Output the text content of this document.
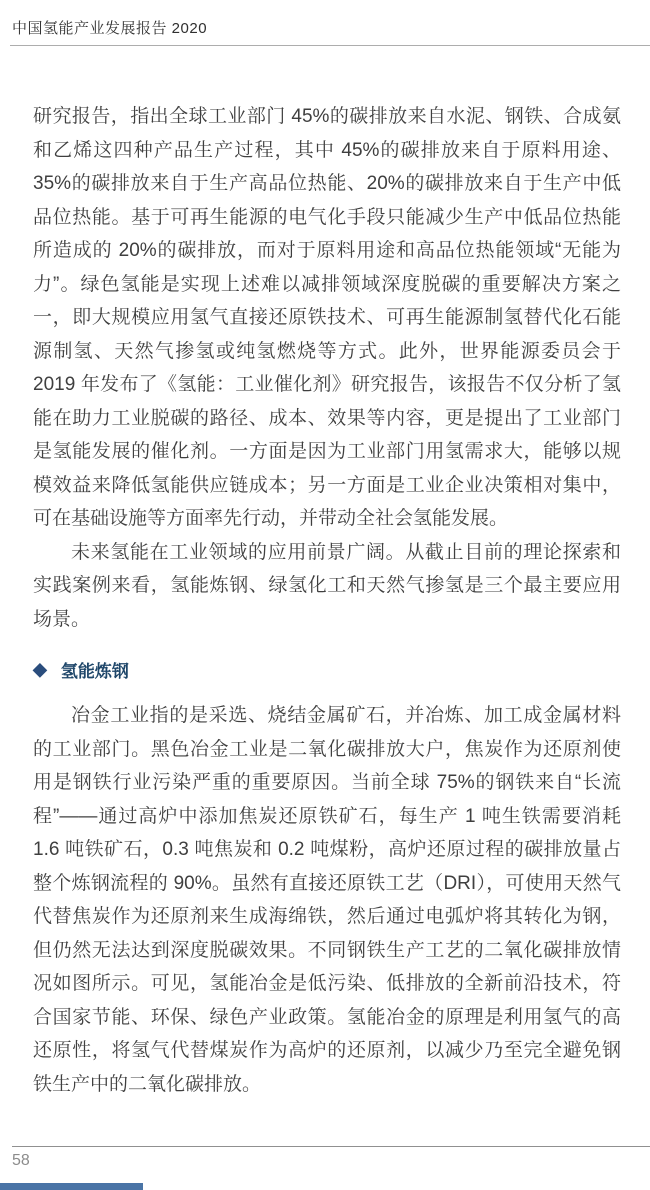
中国氢能产业发展报告 2020

研究报告，指出全球工业部门 45%的碳排放来自水泥、钢铁、合成氨和乙烯这四种产品生产过程，其中 45%的碳排放来自于原料用途、35%的碳排放来自于生产高品位热能、20%的碳排放来自于生产中低品位热能。基于可再生能源的电气化手段只能减少生产中低品位热能所造成的 20%的碳排放，而对于原料用途和高品位热能领域“无能为力”。绿色氢能是实现上述难以减排领域深度脱碳的重要解决方案之一，即大规模应用氢气直接还原铁技术、可再生能源制氢替代化石能源制氢、天然气掺氢或纯氢燃烧等方式。此外，世界能源委员会于 2019 年发布了《氢能：工业催化剂》研究报告，该报告不仅分析了氢能在助力工业脱碳的路径、成本、效果等内容，更是提出了工业部门是氢能发展的催化剂。一方面是因为工业部门用氢需求大，能够以规模效益来降低氢能供应链成本；另一方面是工业企业决策相对集中，可在基础设施等方面率先行动，并带动全社会氢能发展。

未来氢能在工业领域的应用前景广阔。从截止目前的理论探索和实践案例来看，氢能炼钢、绿氢化工和天然气掺氢是三个最主要应用场景。

◆ 氢能炼钢

冶金工业指的是采选、烧结金属矿石，并冶炼、加工成金属材料的工业部门。黑色冶金工业是二氧化碳排放大户，焦炭作为还原剂使用是钢铁行业污染严重的重要原因。当前全球 75%的钢铁来自“长流程”——通过高炉中添加焦炭还原铁矿石，每生产 1 吨生铁需要消耗 1.6 吨铁矿石，0.3 吨焦炭和 0.2 吨煤粉，高炉还原过程的碳排放量占整个炼钢流程的 90%。虽然有直接还原铁工艺（DRI），可使用天然气代替焦炭作为还原剂来生成海绵铁，然后通过电弧炉将其转化为钢，但仍然无法达到深度脱碳效果。不同钢铁生产工艺的二氧化碳排放情况如图所示。可见，氢能冶金是低污染、低排放的全新前沿技术，符合国家节能、环保、绿色产业政策。氢能冶金的原理是利用氢气的高还原性，将氢气代替煤炭作为高炉的还原剂，以减少乃至完全避免钢铁生产中的二氧化碳排放。

58
